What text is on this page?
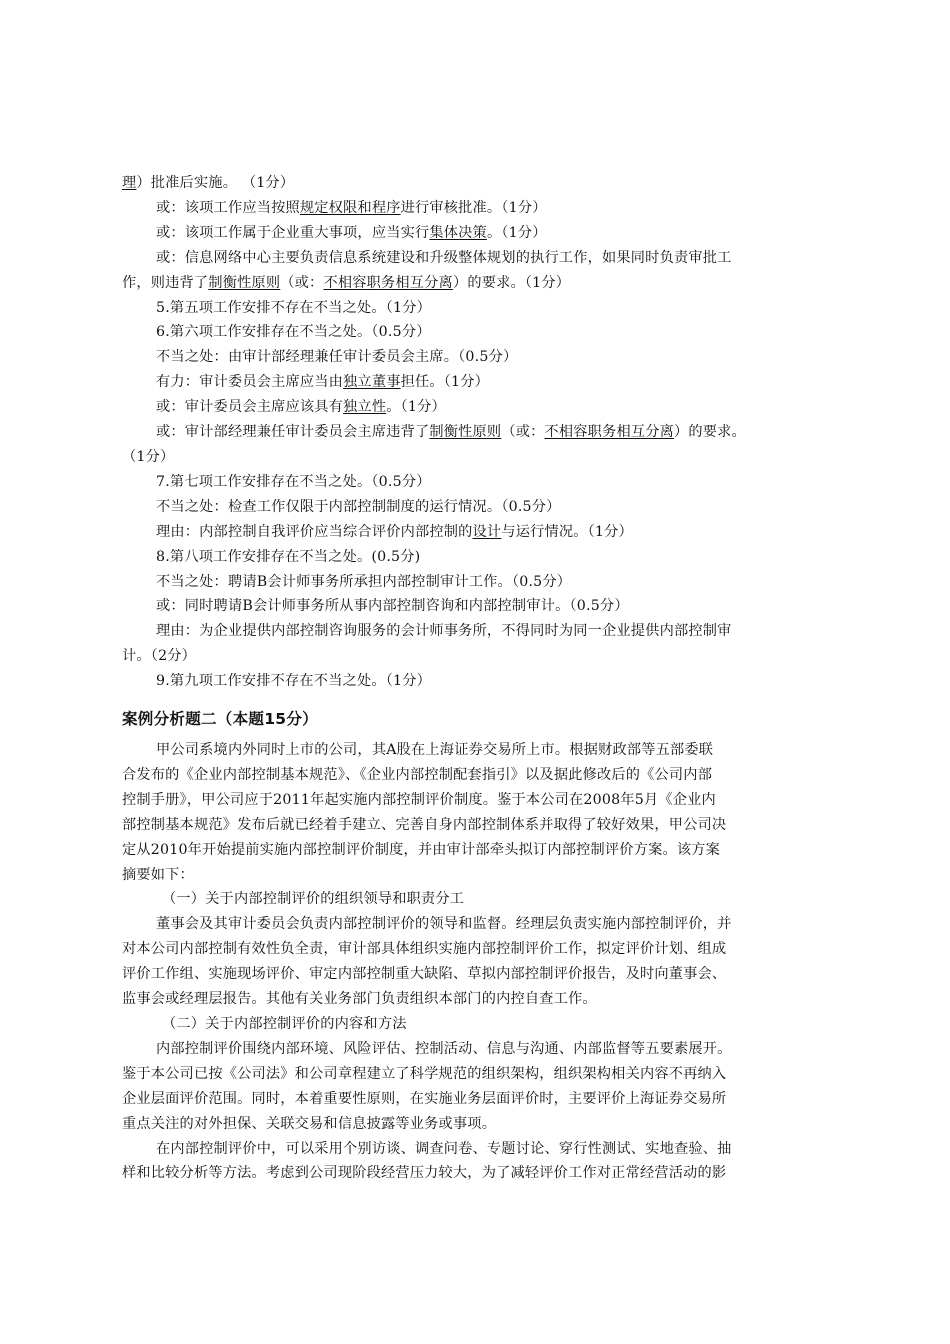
理）批准后实施。 （1分）
或：该项工作应当按照规定权限和程序进行审核批准。（1分）
或：该项工作属于企业重大事项，应当实行集体决策。（1分）
或：信息网络中心主要负责信息系统建设和升级整体规划的执行工作，如果同时负责审批工
作，则违背了制衡性原则（或：不相容职务相互分离）的要求。（1分）
5.第五项工作安排不存在不当之处。（1分）
6.第六项工作安排存在不当之处。（0.5分）
不当之处：由审计部经理兼任审计委员会主席。（0.5分）
有力：审计委员会主席应当由独立董事担任。（1分）
或：审计委员会主席应该具有独立性。（1分）
或：审计部经理兼任审计委员会主席违背了制衡性原则（或：不相容职务相互分离）的要求。
（1分）
7.第七项工作安排存在不当之处。（0.5分）
不当之处：检查工作仅限于内部控制制度的运行情况。（0.5分）
理由：内部控制自我评价应当综合评价内部控制的设计与运行情况。（1分）
8.第八项工作安排存在不当之处。(0.5分)
不当之处：聘请B会计师事务所承担内部控制审计工作。（0.5分）
或：同时聘请B会计师事务所从事内部控制咨询和内部控制审计。（0.5分）
理由：为企业提供内部控制咨询服务的会计师事务所，不得同时为同一企业提供内部控制审
计。（2分）
9.第九项工作安排不存在不当之处。（1分）
案例分析题二（本题15分）
甲公司系境内外同时上市的公司，其A股在上海证券交易所上市。根据财政部等五部委联
合发布的《企业内部控制基本规范》、《企业内部控制配套指引》以及据此修改后的《公司内部
控制手册》，甲公司应于2011年起实施内部控制评价制度。鉴于本公司在2008年5月《企业内
部控制基本规范》发布后就已经着手建立、完善自身内部控制体系并取得了较好效果，甲公司决
定从2010年开始提前实施内部控制评价制度，并由审计部牵头拟订内部控制评价方案。该方案
摘要如下：
（一）关于内部控制评价的组织领导和职责分工
董事会及其审计委员会负责内部控制评价的领导和监督。经理层负责实施内部控制评价，并
对本公司内部控制有效性负全责，审计部具体组织实施内部控制评价工作，拟定评价计划、组成
评价工作组、实施现场评价、审定内部控制重大缺陷、草拟内部控制评价报告，及时向董事会、
监事会或经理层报告。其他有关业务部门负责组织本部门的内控自查工作。
（二）关于内部控制评价的内容和方法
内部控制评价围绕内部环境、风险评估、控制活动、信息与沟通、内部监督等五要素展开。
鉴于本公司已按《公司法》和公司章程建立了科学规范的组织架构，组织架构相关内容不再纳入
企业层面评价范围。同时，本着重要性原则，在实施业务层面评价时，主要评价上海证券交易所
重点关注的对外担保、关联交易和信息披露等业务或事项。
在内部控制评价中，可以采用个别访谈、调查问卷、专题讨论、穿行性测试、实地查验、抽
样和比较分析等方法。考虑到公司现阶段经营压力较大，为了减轻评价工作对正常经营活动的影
